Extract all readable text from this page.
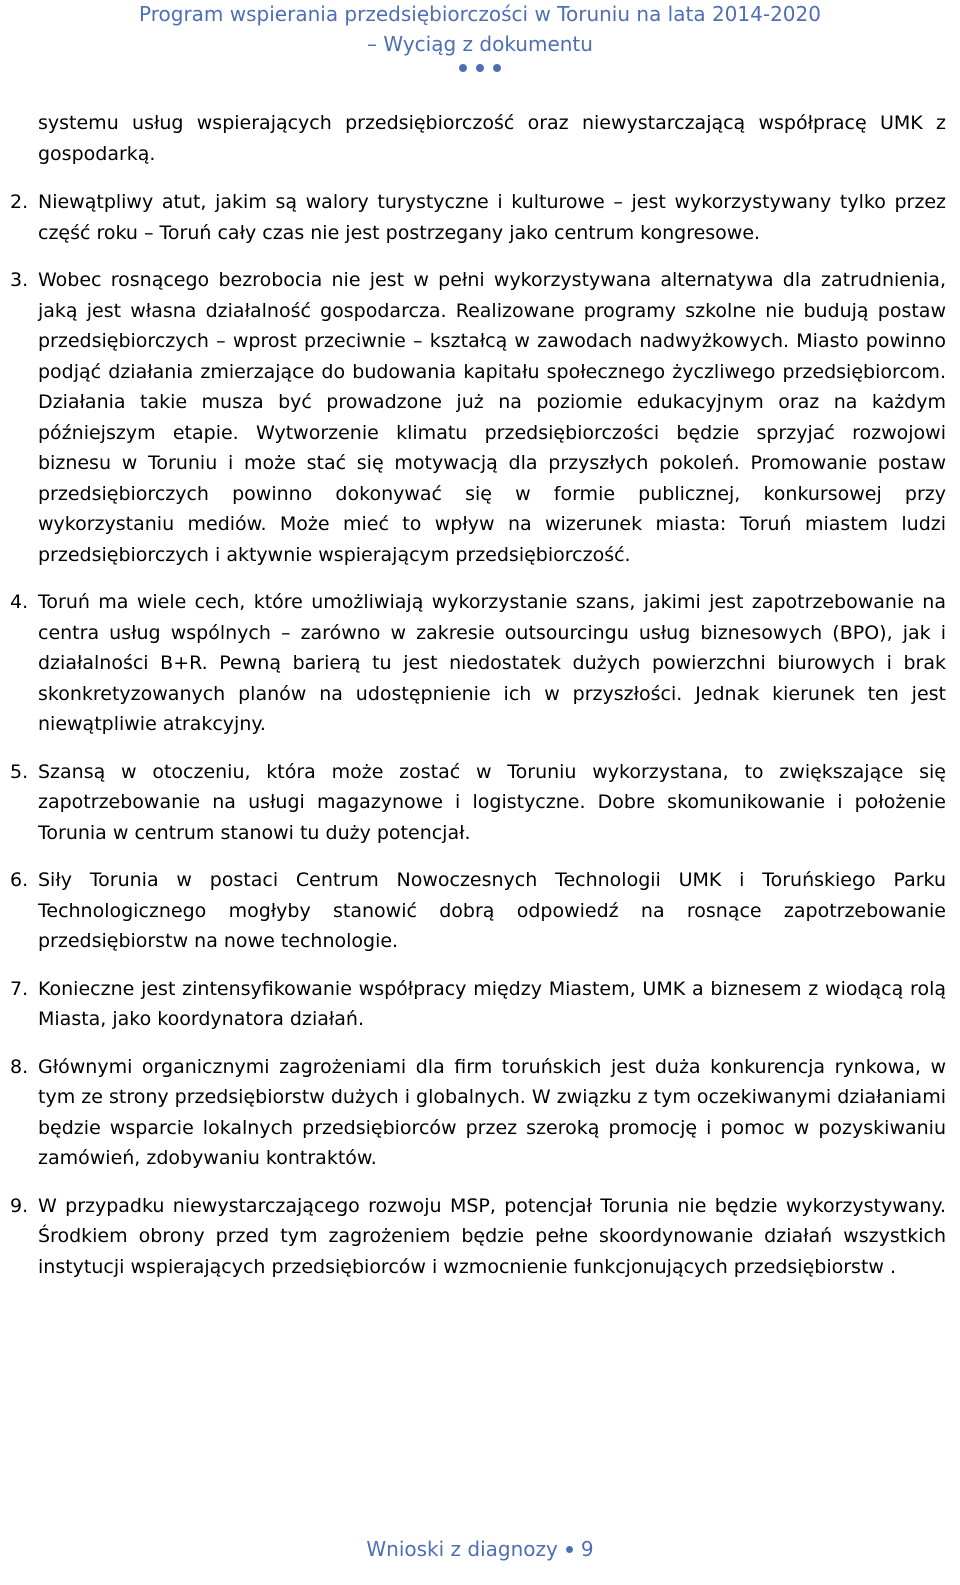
Program wspierania przedsiębiorczości w Toruniu na lata 2014-2020
– Wyciąg z dokumentu

systemu usług wspierających przedsiębiorczość oraz niewystarczającą współpracę UMK z gospodarką.

2. Niewątpliwy atut, jakim są walory turystyczne i kulturowe – jest wykorzystywany tylko przez część roku – Toruń cały czas nie jest postrzegany jako centrum kongresowe.
3. Wobec rosnącego bezrobocia nie jest w pełni wykorzystywana alternatywa dla zatrudnienia, jaką jest własna działalność gospodarcza. Realizowane programy szkolne nie budują postaw przedsiębiorczych – wprost przeciwnie – kształcą w zawodach nadwyżkowych. Miasto powinno podjąć działania zmierzające do budowania kapitału społecznego życzliwego przedsiębiorcom. Działania takie musza być prowadzone już na poziomie edukacyjnym oraz na każdym późniejszym etapie. Wytworzenie klimatu przedsiębiorczości będzie sprzyjać rozwojowi biznesu w Toruniu i może stać się motywacją dla przyszłych pokoleń. Promowanie postaw przedsiębiorczych powinno dokonywać się w formie publicznej, konkursowej przy wykorzystaniu mediów. Może mieć to wpływ na wizerunek miasta: Toruń miastem ludzi przedsiębiorczych i aktywnie wspierającym przedsiębiorczość.
4. Toruń ma wiele cech, które umożliwiają wykorzystanie szans, jakimi jest zapotrzebowanie na centra usług wspólnych – zarówno w zakresie outsourcingu usług biznesowych (BPO), jak i działalności B+R. Pewną barierą tu jest niedostatek dużych powierzchni biurowych i brak skonkretyzowanych planów na udostępnienie ich w przyszłości. Jednak kierunek ten jest niewątpliwie atrakcyjny.
5. Szansą w otoczeniu, która może zostać w Toruniu wykorzystana, to zwiększające się zapotrzebowanie na usługi magazynowe i logistyczne. Dobre skomunikowanie i położenie Torunia w centrum stanowi tu duży potencjał.
6. Siły Torunia w postaci Centrum Nowoczesnych Technologii UMK i Toruńskiego Parku Technologicznego mogłyby stanowić dobrą odpowiedź na rosnące zapotrzebowanie przedsiębiorstw na nowe technologie.
7. Konieczne jest zintensyfikowanie współpracy między Miastem, UMK a biznesem z wiodącą rolą Miasta, jako koordynatora działań.
8. Głównymi organicznymi zagrożeniami dla firm toruńskich jest duża konkurencja rynkowa, w tym ze strony przedsiębiorstw dużych i globalnych. W związku z tym oczekiwanymi działaniami będzie wsparcie lokalnych przedsiębiorców przez szeroką promocję i pomoc w pozyskiwaniu zamówień, zdobywaniu kontraktów.
9. W przypadku niewystarczającego rozwoju MSP, potencjał Torunia nie będzie wykorzystywany. Środkiem obrony przed tym zagrożeniem będzie pełne skoordynowanie działań wszystkich instytucji wspierających przedsiębiorców i wzmocnienie funkcjonujących przedsiębiorstw .
Wnioski z diagnozy 9
